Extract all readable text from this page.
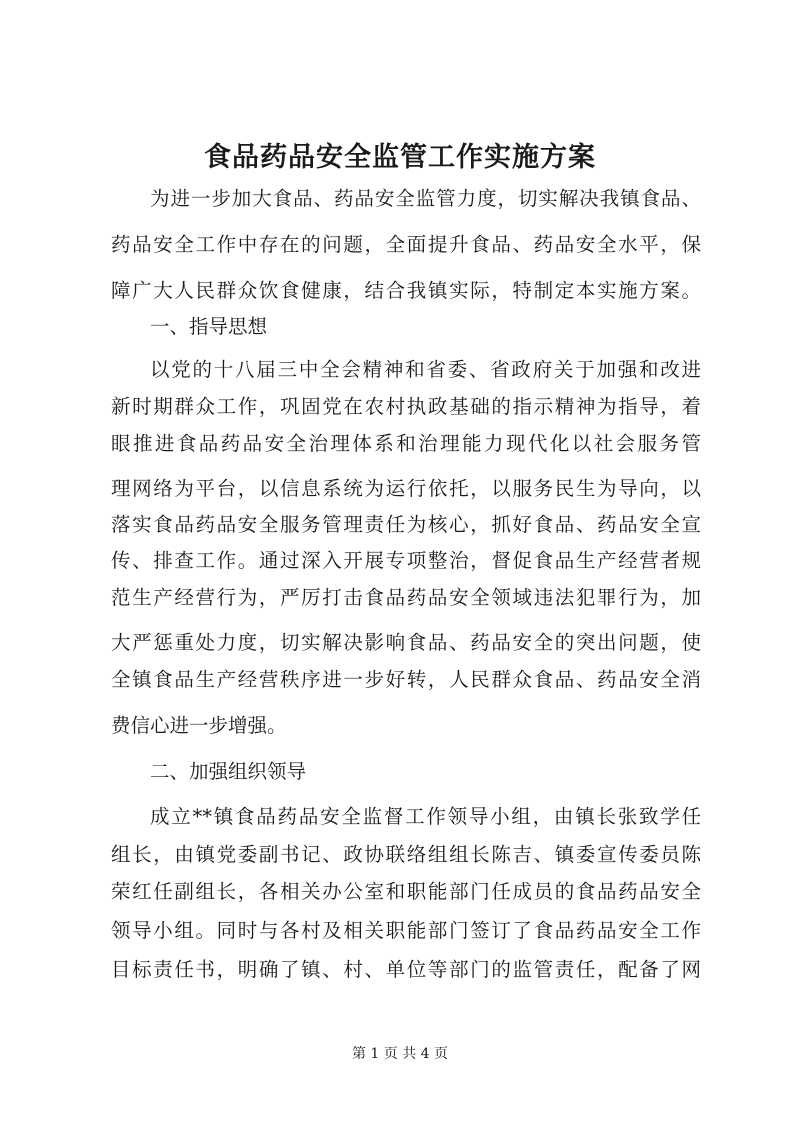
食品药品安全监管工作实施方案
为进一步加大食品、药品安全监管力度，切实解决我镇食品、
药品安全工作中存在的问题，全面提升食品、药品安全水平，保
障广大人民群众饮食健康，结合我镇实际，特制定本实施方案。
一、指导思想
以党的十八届三中全会精神和省委、省政府关于加强和改进
新时期群众工作，巩固党在农村执政基础的指示精神为指导，着
眼推进食品药品安全治理体系和治理能力现代化以社会服务管
理网络为平台，以信息系统为运行依托，以服务民生为导向，以
落实食品药品安全服务管理责任为核心，抓好食品、药品安全宣
传、排查工作。通过深入开展专项整治，督促食品生产经营者规
范生产经营行为，严厉打击食品药品安全领域违法犯罪行为，加
大严惩重处力度，切实解决影响食品、药品安全的突出问题，使
全镇食品生产经营秩序进一步好转，人民群众食品、药品安全消
费信心进一步增强。
二、加强组织领导
成立**镇食品药品安全监督工作领导小组，由镇长张致学任
组长，由镇党委副书记、政协联络组组长陈吉、镇委宣传委员陈
荣红任副组长，各相关办公室和职能部门任成员的食品药品安全
领导小组。同时与各村及相关职能部门签订了食品药品安全工作
目标责任书，明确了镇、村、单位等部门的监管责任，配备了网
第 1 页 共 4 页
